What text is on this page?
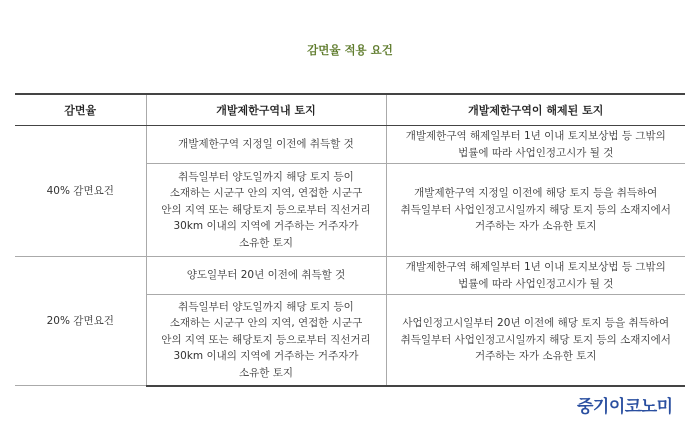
감면율 적용 요건
감면율	개발제한구역내 토지	개발제한구역이 해제된 토지
40% 감면요건	개발제한구역 지정일 이전에 취득할 것	개발제한구역 해제일부터 1년 이내 토지보상법 등 그밖의
법률에 따라 사업인정고시가 될 것
	취득일부터 양도일까지 해당 토지 등이
소재하는 시군구 안의 지역, 연접한 시군구
안의 지역 또는 해당토지 등으로부터 직선거리
30km 이내의 지역에 거주하는 거주자가
소유한 토지	개발제한구역 지정일 이전에 해당 토지 등을 취득하여
취득일부터 사업인정고시일까지 해당 토지 등의 소재지에서
거주하는 자가 소유한 토지
20% 감면요건	양도일부터 20년 이전에 취득할 것	개발제한구역 해제일부터 1년 이내 토지보상법 등 그밖의
법률에 따라 사업인정고시가 될 것
	취득일부터 양도일까지 해당 토지 등이
소재하는 시군구 안의 지역, 연접한 시군구
안의 지역 또는 해당토지 등으로부터 직선거리
30km 이내의 지역에 거주하는 거주자가
소유한 토지	사업인정고시일부터 20년 이전에 해당 토지 등을 취득하여
취득일부터 사업인정고시일까지 해당 토지 등의 소재지에서
거주하는 자가 소유한 토지
중기이코노미
